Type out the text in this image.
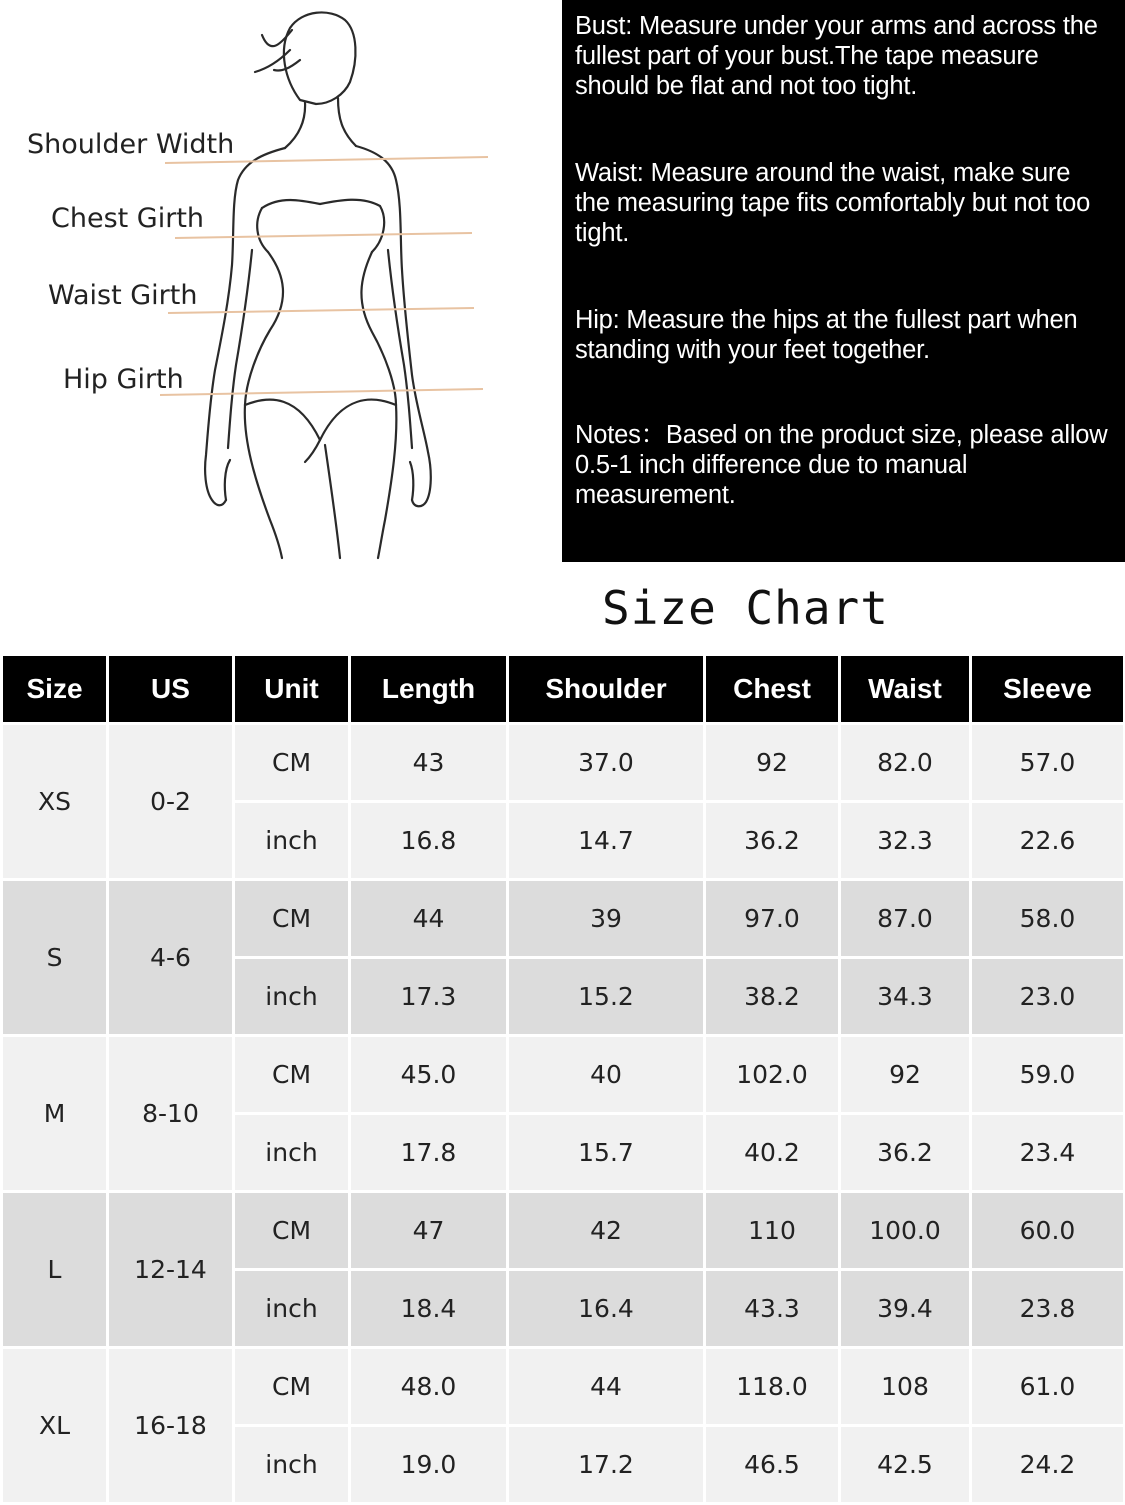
Shoulder Width
Chest Girth
Waist Girth
Hip Girth

Bust: Measure under your arms and across the fullest part of your bust.The tape measure should be flat and not too tight.

Waist: Measure around the waist, make sure the measuring tape fits comfortably but not too tight.

Hip: Measure the hips at the fullest part when standing with your feet together.

Notes：Based on the product size, please allow 0.5-1 inch difference due to manual measurement.

Size Chart
Size	US	Unit	Length	Shoulder	Chest	Waist	Sleeve
XS	0-2	CM	43	37.0	92	82.0	57.0
		inch	16.8	14.7	36.2	32.3	22.6
S	4-6	CM	44	39	97.0	87.0	58.0
		inch	17.3	15.2	38.2	34.3	23.0
M	8-10	CM	45.0	40	102.0	92	59.0
		inch	17.8	15.7	40.2	36.2	23.4
L	12-14	CM	47	42	110	100.0	60.0
		inch	18.4	16.4	43.3	39.4	23.8
XL	16-18	CM	48.0	44	118.0	108	61.0
		inch	19.0	17.2	46.5	42.5	24.2
